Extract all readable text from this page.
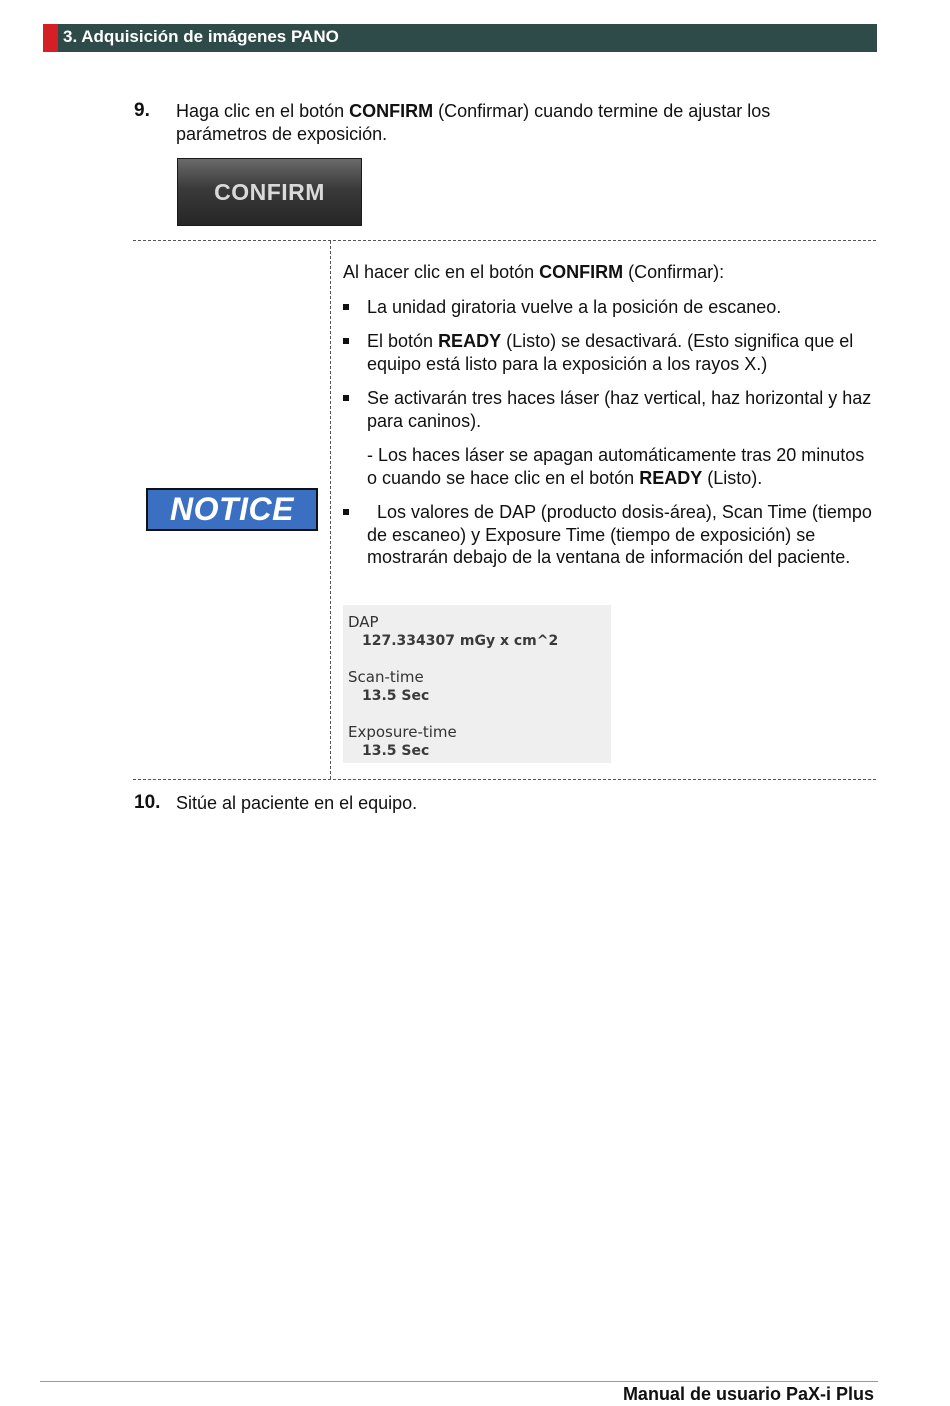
3. Adquisición de imágenes PANO
9. Haga clic en el botón CONFIRM (Confirmar) cuando termine de ajustar los parámetros de exposición.
CONFIRM
NOTICE

Al hacer clic en el botón CONFIRM (Confirmar):

La unidad giratoria vuelve a la posición de escaneo.
El botón READY (Listo) se desactivará. (Esto significa que el equipo está listo para la exposición a los rayos X.)
Se activarán tres haces láser (haz vertical, haz horizontal y haz para caninos).

- Los haces láser se apagan automáticamente tras 20 minutos o cuando se hace clic en el botón READY (Listo).

Los valores de DAP (producto dosis-área), Scan Time (tiempo de escaneo) y Exposure Time (tiempo de exposición) se mostrarán debajo de la ventana de información del paciente.
DAP
127.334307 mGy x cm^2
Scan-time
13.5 Sec
Exposure-time
13.5 Sec
10. Sitúe al paciente en el equipo.
Manual de usuario PaX-i Plus
